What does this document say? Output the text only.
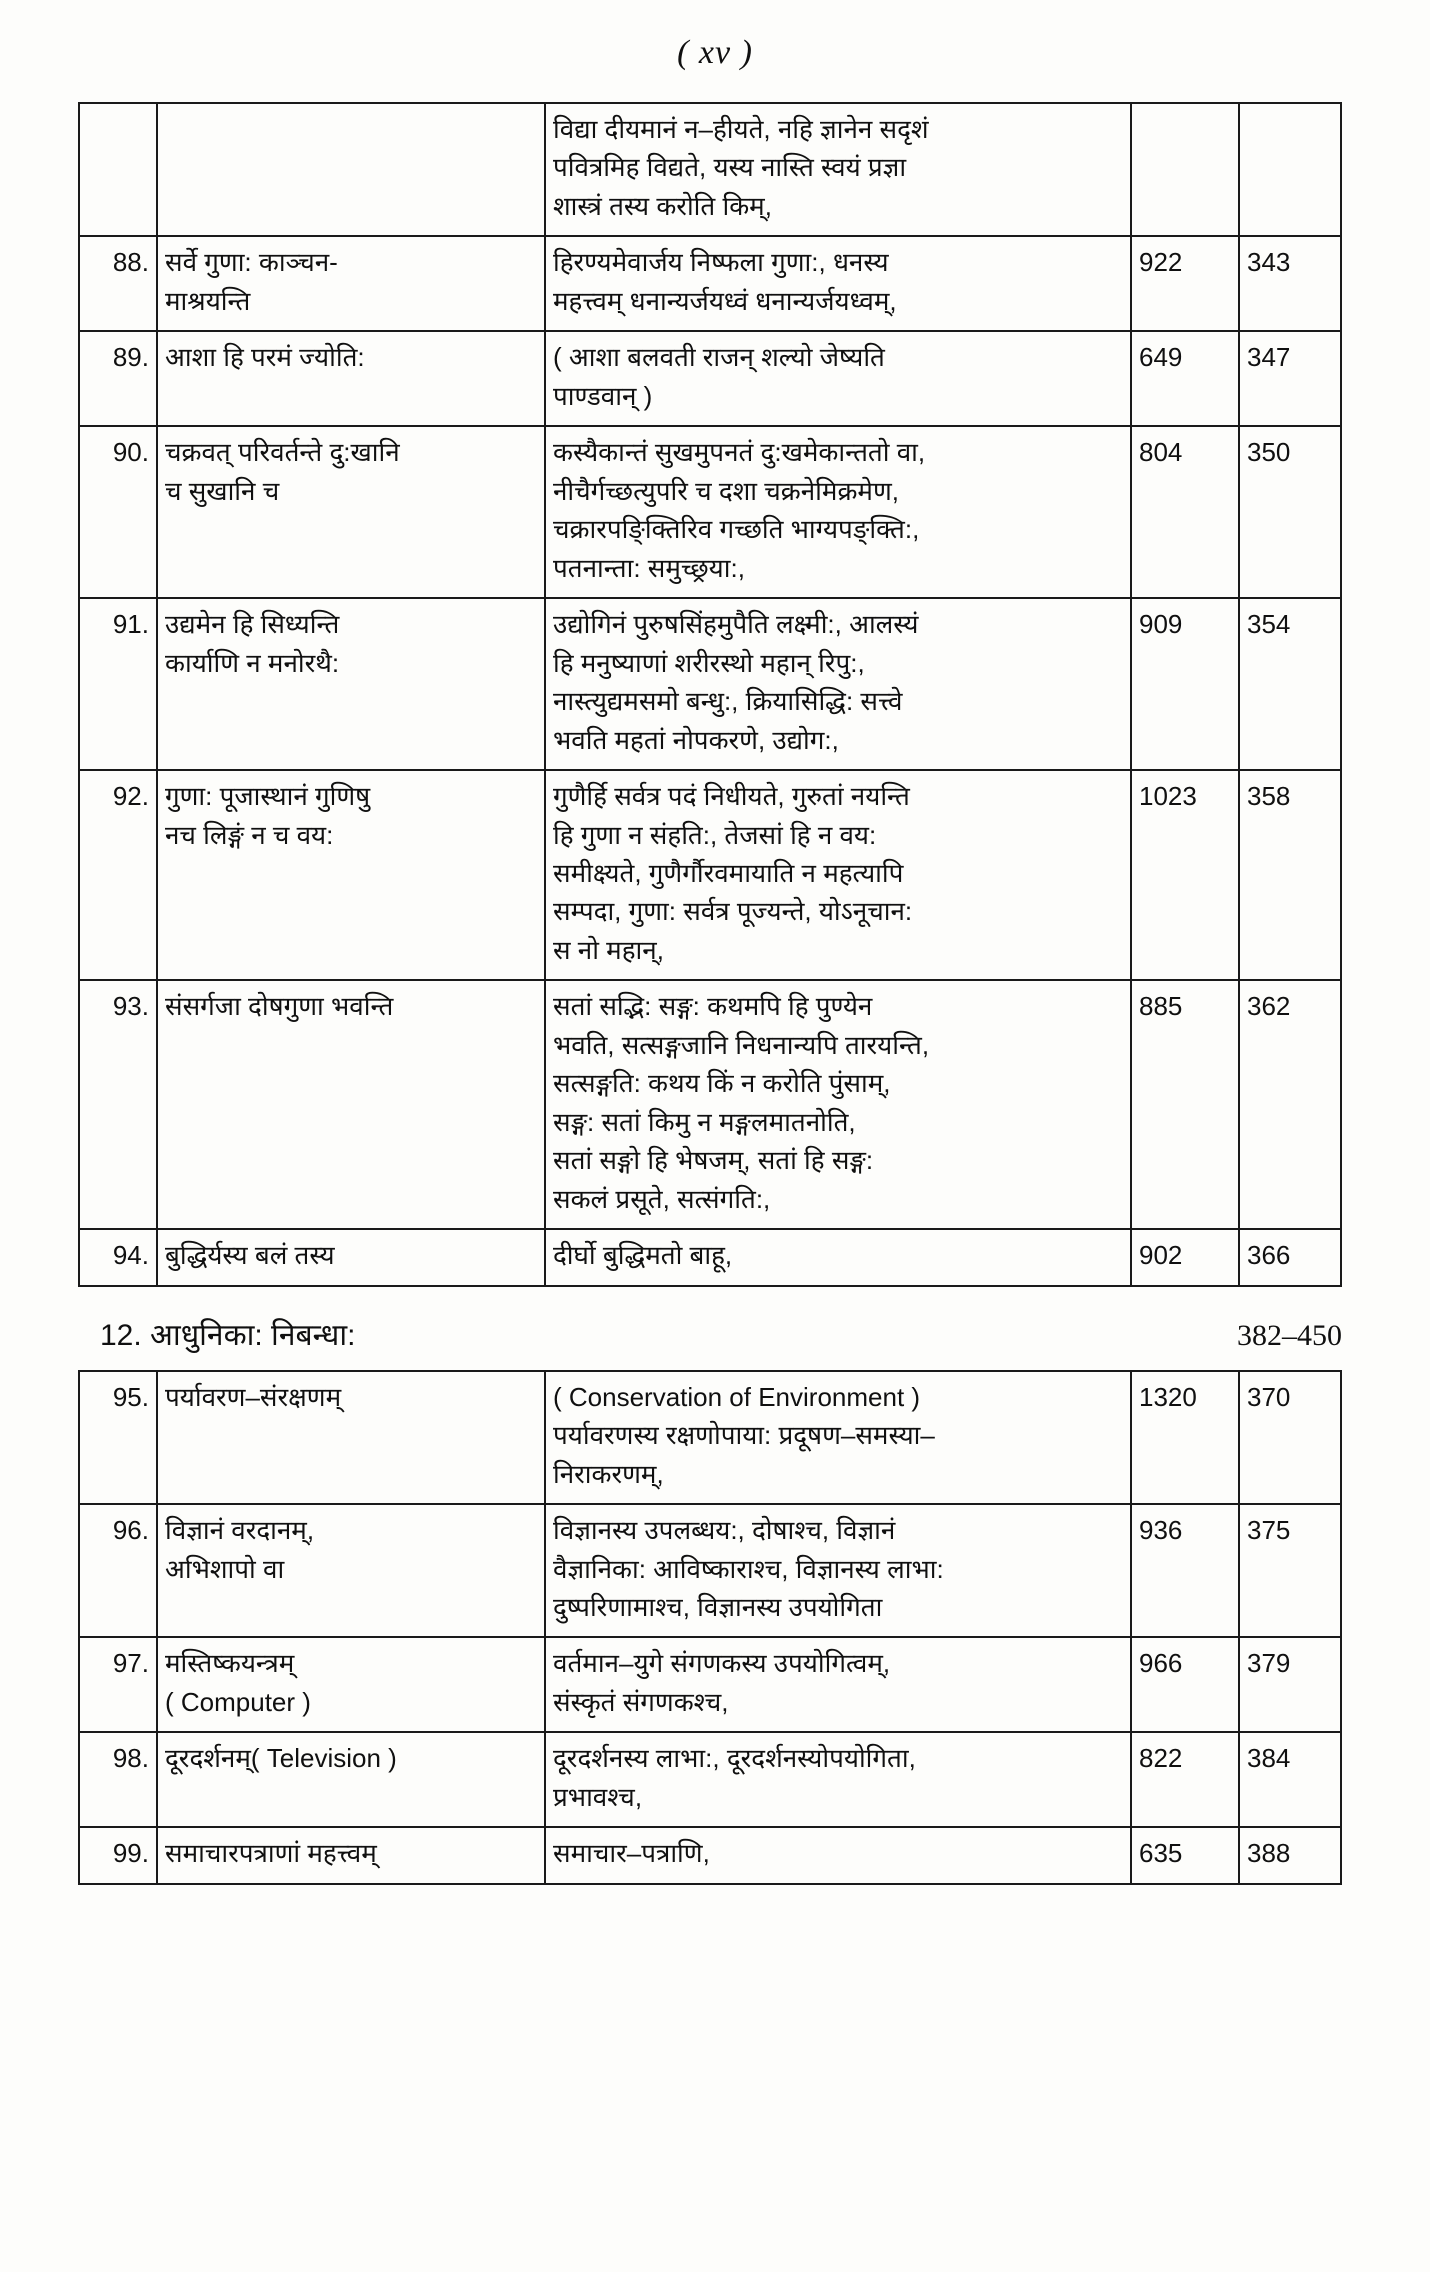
( xv )

		विद्या दीयमानं न–हीयते, नहि ज्ञानेन सदृशं
पवित्रमिह विद्यते, यस्य नास्ति स्वयं प्रज्ञा
शास्त्रं तस्य करोति किम्,		

88.	सर्वे गुणा: काञ्चन-
माश्रयन्ति	हिरण्यमेवार्जय निष्फला गुणा:, धनस्य
महत्त्वम् धनान्यर्जयध्वं धनान्यर्जयध्वम्,	922	343
89.	आशा हि परमं ज्योति:	( आशा बलवती राजन् शल्यो जेष्यति
पाण्डवान् )	649	347
90.	चक्रवत् परिवर्तन्ते दु:खानि
च सुखानि च	कस्यैकान्तं सुखमुपनतं दु:खमेकान्ततो वा,
नीचैर्गच्छत्युपरि च दशा चक्रनेमिक्रमेण,
चक्रारपङि्क्तिरिव गच्छति भाग्यपङ्क्ति:,
पतनान्ता: समुच्छ्रया:,	804	350
91.	उद्यमेन हि सिध्यन्ति
कार्याणि न मनोरथै:	उद्योगिनं पुरुषसिंहमुपैति लक्ष्मी:, आलस्यं
हि मनुष्याणां शरीरस्थो महान् रिपु:,
नास्त्युद्यमसमो बन्धु:, क्रियासिद्धि: सत्त्वे
भवति महतां नोपकरणे, उद्योग:,	909	354
92.	गुणा: पूजास्थानं गुणिषु
नच लिङ्गं न च वय:	गुणैर्हि सर्वत्र पदं निधीयते, गुरुतां नयन्ति
हि गुणा न संहति:, तेजसां हि न वय:
समीक्ष्यते, गुणैर्गौरवमायाति न महत्यापि
सम्पदा, गुणा: सर्वत्र पूज्यन्ते, योऽनूचान:
स नो महान्,	1023	358
93.	संसर्गजा दोषगुणा भवन्ति	सतां सद्भि: सङ्ग: कथमपि हि पुण्येन
भवति, सत्सङ्गजानि निधनान्यपि तारयन्ति,
सत्सङ्गति: कथय किं न करोति पुंसाम्,
सङ्ग: सतां किमु न मङ्गलमातनोति,
सतां सङ्गो हि भेषजम्, सतां हि सङ्ग:
सकलं प्रसूते, सत्संगति:,
	885	362
94.	बुद्धिर्यस्य बलं तस्य	दीर्घो बुद्धिमतो बाहू,	902	366
12. आधुनिका: निबन्धा:	382–450
95.	पर्यावरण–संरक्षणम्	( Conservation of Environment )
पर्यावरणस्य रक्षणोपाया: प्रदूषण–समस्या–
निराकरणम्,	1320	370
96.	विज्ञानं वरदानम्,
अभिशापो वा	विज्ञानस्य उपलब्धय:, दोषाश्च, विज्ञानं
वैज्ञानिका: आविष्काराश्च, विज्ञानस्य लाभा:
दुष्परिणामाश्च, विज्ञानस्य उपयोगिता	936	375
97.	मस्तिष्कयन्त्रम्
( Computer )	वर्तमान–युगे संगणकस्य उपयोगित्वम्,
संस्कृतं संगणकश्च,	966	379
98.	दूरदर्शनम्( Television )	दूरदर्शनस्य लाभा:, दूरदर्शनस्योपयोगिता,
प्रभावश्च,	822	384
99.	समाचारपत्राणां महत्त्वम्	समाचार–पत्राणि,	635	388
